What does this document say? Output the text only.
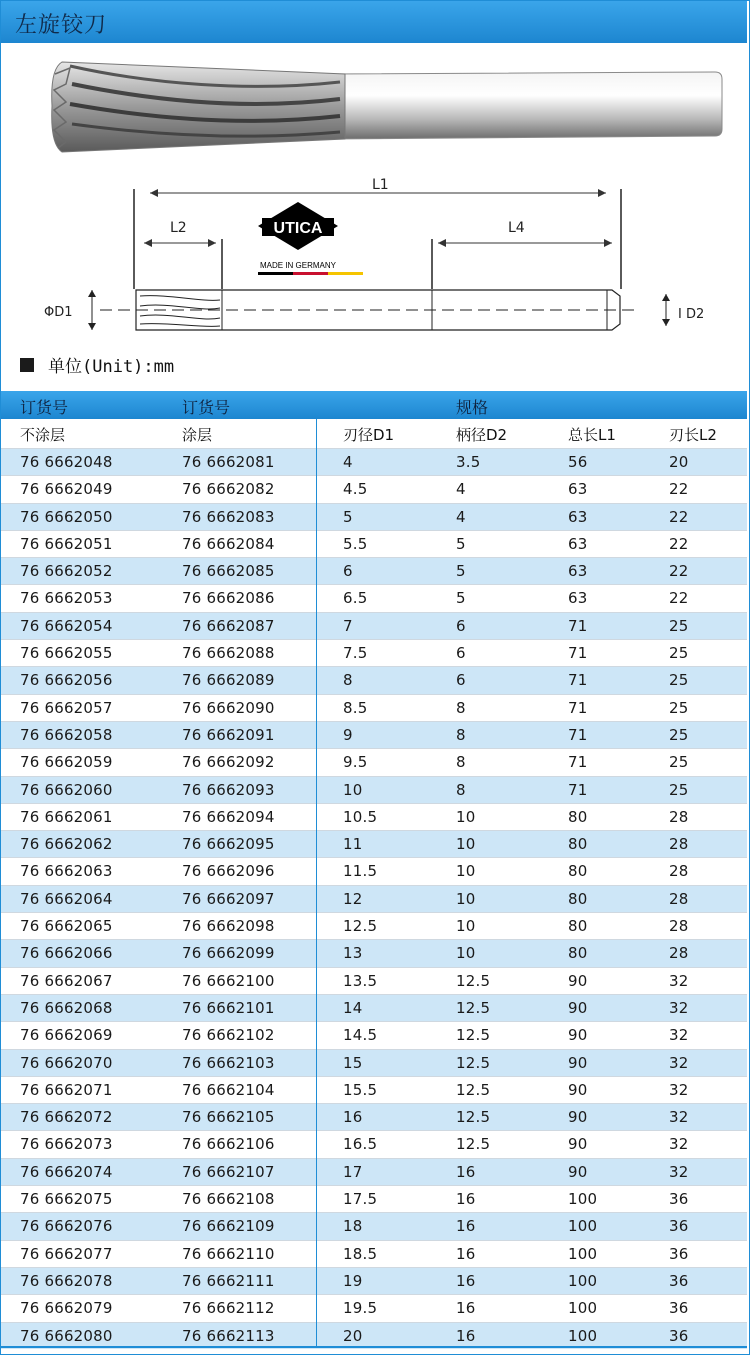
左旋铰刀
L1
L2	L4
UTICA
MADE IN GERMANY
ΦD1	I D2
单位(Unit):mm
订货号	订货号	规格
不涂层	涂层	刃径D1	柄径D2	总长L1	刃长L2
76 6662048	76 6662081	4	3.5	56	20
76 6662049	76 6662082	4.5	4	63	22
76 6662050	76 6662083	5	4	63	22
76 6662051	76 6662084	5.5	5	63	22
76 6662052	76 6662085	6	5	63	22
76 6662053	76 6662086	6.5	5	63	22
76 6662054	76 6662087	7	6	71	25
76 6662055	76 6662088	7.5	6	71	25
76 6662056	76 6662089	8	6	71	25
76 6662057	76 6662090	8.5	8	71	25
76 6662058	76 6662091	9	8	71	25
76 6662059	76 6662092	9.5	8	71	25
76 6662060	76 6662093	10	8	71	25
76 6662061	76 6662094	10.5	10	80	28
76 6662062	76 6662095	11	10	80	28
76 6662063	76 6662096	11.5	10	80	28
76 6662064	76 6662097	12	10	80	28
76 6662065	76 6662098	12.5	10	80	28
76 6662066	76 6662099	13	10	80	28
76 6662067	76 6662100	13.5	12.5	90	32
76 6662068	76 6662101	14	12.5	90	32
76 6662069	76 6662102	14.5	12.5	90	32
76 6662070	76 6662103	15	12.5	90	32
76 6662071	76 6662104	15.5	12.5	90	32
76 6662072	76 6662105	16	12.5	90	32
76 6662073	76 6662106	16.5	12.5	90	32
76 6662074	76 6662107	17	16	90	32
76 6662075	76 6662108	17.5	16	100	36
76 6662076	76 6662109	18	16	100	36
76 6662077	76 6662110	18.5	16	100	36
76 6662078	76 6662111	19	16	100	36
76 6662079	76 6662112	19.5	16	100	36
76 6662080	76 6662113	20	16	100	36
